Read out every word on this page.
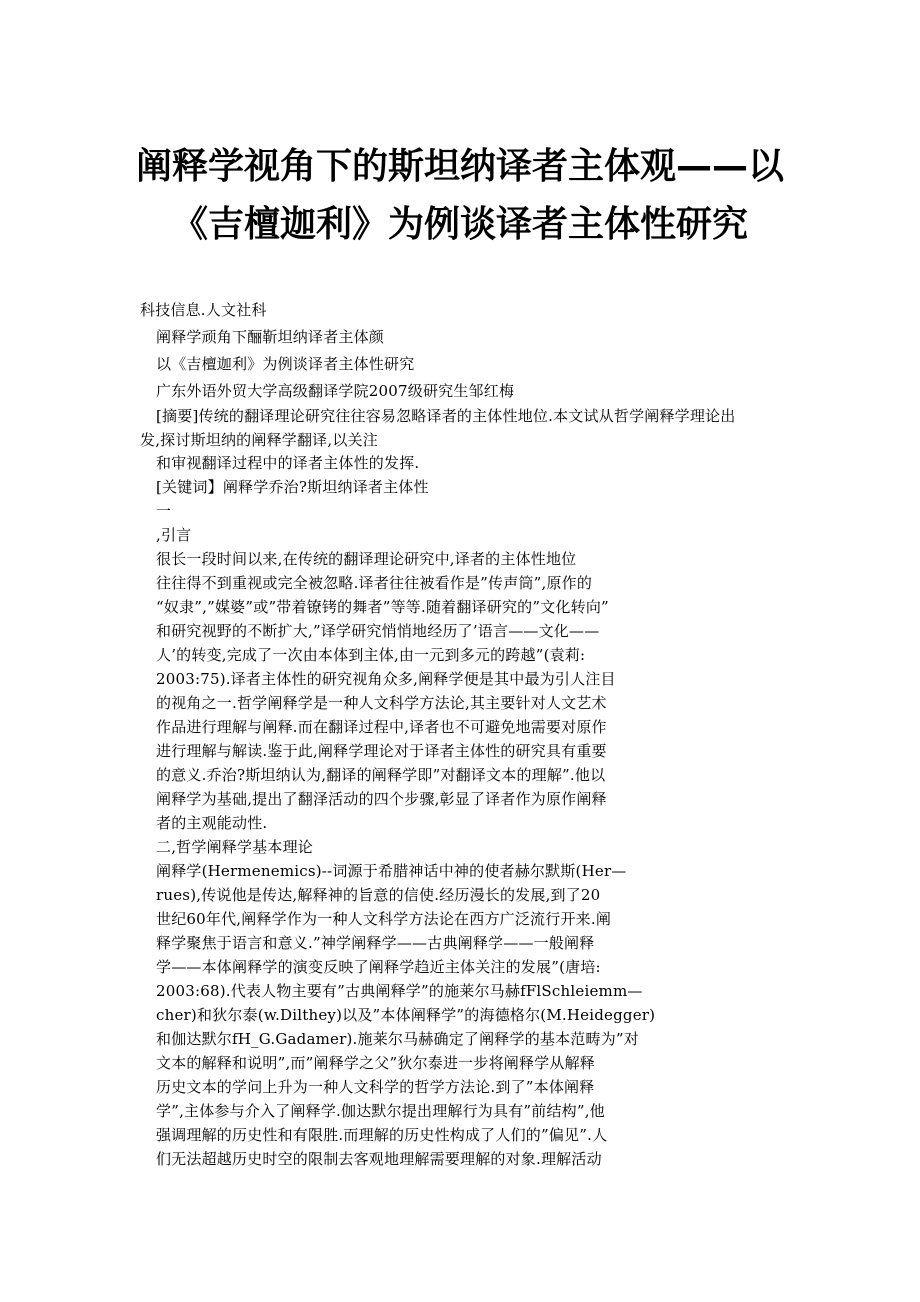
阐释学视角下的斯坦纳译者主体观——以
《吉檀迦利》为例谈译者主体性研究
科技信息.人文社科
阐释学顽角下酾靳坦纳译者主体颜
以《吉檀迦利》为例谈译者主体性研究
广东外语外贸大学高级翻译学院2007级研究生邹红梅
[摘要]传统的翻译理论研究往往容易忽略译者的主体性地位.本文试从哲学阐释学理论出
发,探讨斯坦纳的阐释学翻译,以关注
和审视翻译过程中的译者主体性的发挥.
[关键词】阐释学乔治?斯坦纳译者主体性
一
,引言
很长一段时间以来,在传统的翻译理论研究中,译者的主体性地位
往往得不到重视或完全被忽略.译者往往被看作是”传声筒”,原作的
“奴隶”,”媒婆”或”带着镣铐的舞者”等等.随着翻译研究的”文化转向”
和研究视野的不断扩大,”译学研究悄悄地经历了’语言——文化——
人’的转变,完成了一次由本体到主体,由一元到多元的跨越”(袁莉:
2003:75).译者主体性的研究视角众多,阐释学便是其中最为引人注目
的视角之一.哲学阐释学是一种人文科学方法论,其主要针对人文艺术
作品进行理解与阐释.而在翻译过程中,译者也不可避免地需要对原作
进行理解与解读.鉴于此,阐释学理论对于译者主体性的研究具有重要
的意义.乔治?斯坦纳认为,翻译的阐释学即”对翻译文本的理解”.他以
阐释学为基础,提出了翻泽活动的四个步骤,彰显了译者作为原作阐释
者的主观能动性.
二,哲学阐释学基本理论
阐释学(Hermenemics)--词源于希腊神话中神的使者赫尔默斯(Her—
rues),传说他是传达,解释神的旨意的信使.经历漫长的发展,到了20
世纪60年代,阐释学作为一种人文科学方法论在西方广泛流行开来.阐
释学聚焦于语言和意义.”神学阐释学——古典阐释学——一般阐释
学——本体阐释学的演变反映了阐释学趋近主体关注的发展”(唐培:
2003:68).代表人物主要有”古典阐释学”的施莱尔马赫fFlSchleiemm—
cher)和狄尔泰(w.Dilthey)以及”本体阐释学”的海德格尔(M.Heidegger)
和伽达默尔fH_G.Gadamer).施莱尔马赫确定了阐释学的基本范畴为”对
文本的解释和说明”,而”阐释学之父”狄尔泰进一步将阐释学从解释
历史文本的学问上升为一种人文科学的哲学方法论.到了”本体阐释
学”,主体参与介入了阐释学.伽达默尔提出理解行为具有”前结构”,他
强调理解的历史性和有限胜.而理解的历史性构成了人们的”偏见”.人
们无法超越历史时空的限制去客观地理解需要理解的对象.理解活动
